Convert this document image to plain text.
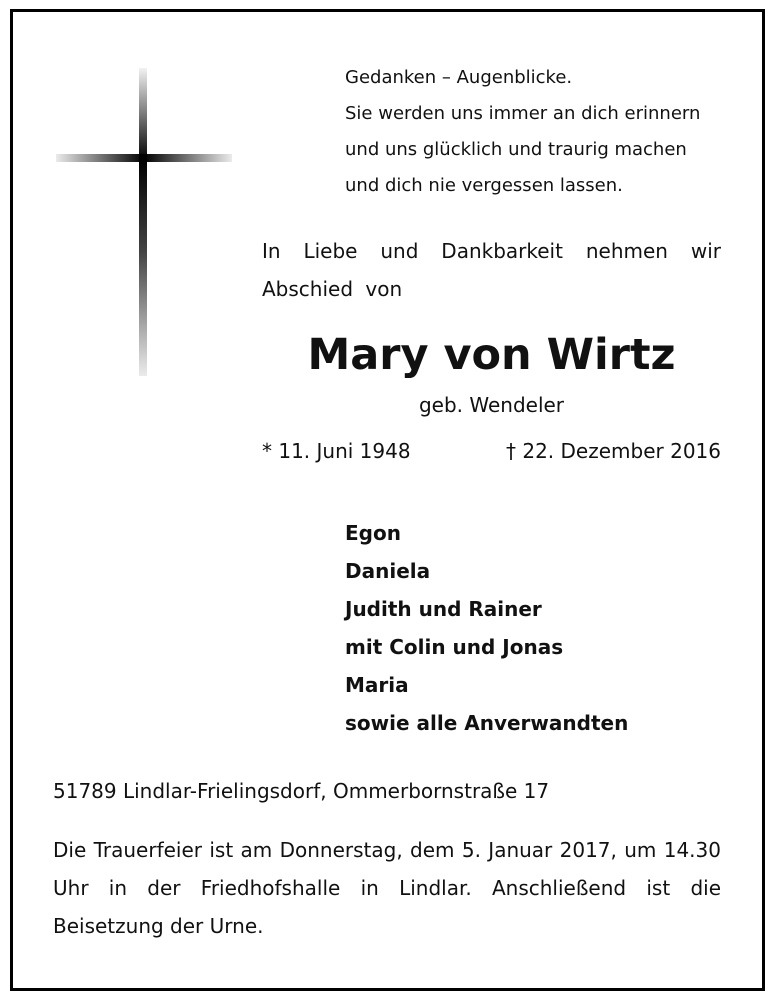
Gedanken – Augenblicke.
Sie werden uns immer an dich erinnern
und uns glücklich und traurig machen
und dich nie vergessen lassen.
In Liebe und Dankbarkeit nehmen wir Abschied von
Mary von Wirtz
geb. Wendeler
* 11. Juni 1948	† 22. Dezember 2016
Egon
Daniela
Judith und Rainer
mit Colin und Jonas
Maria
sowie alle Anverwandten
51789 Lindlar-Frielingsdorf, Ommerbornstraße 17
Die Trauerfeier ist am Donnerstag, dem 5. Januar 2017, um 14.30 Uhr in der Friedhofshalle in Lindlar. Anschließend ist die Beisetzung der Urne.
